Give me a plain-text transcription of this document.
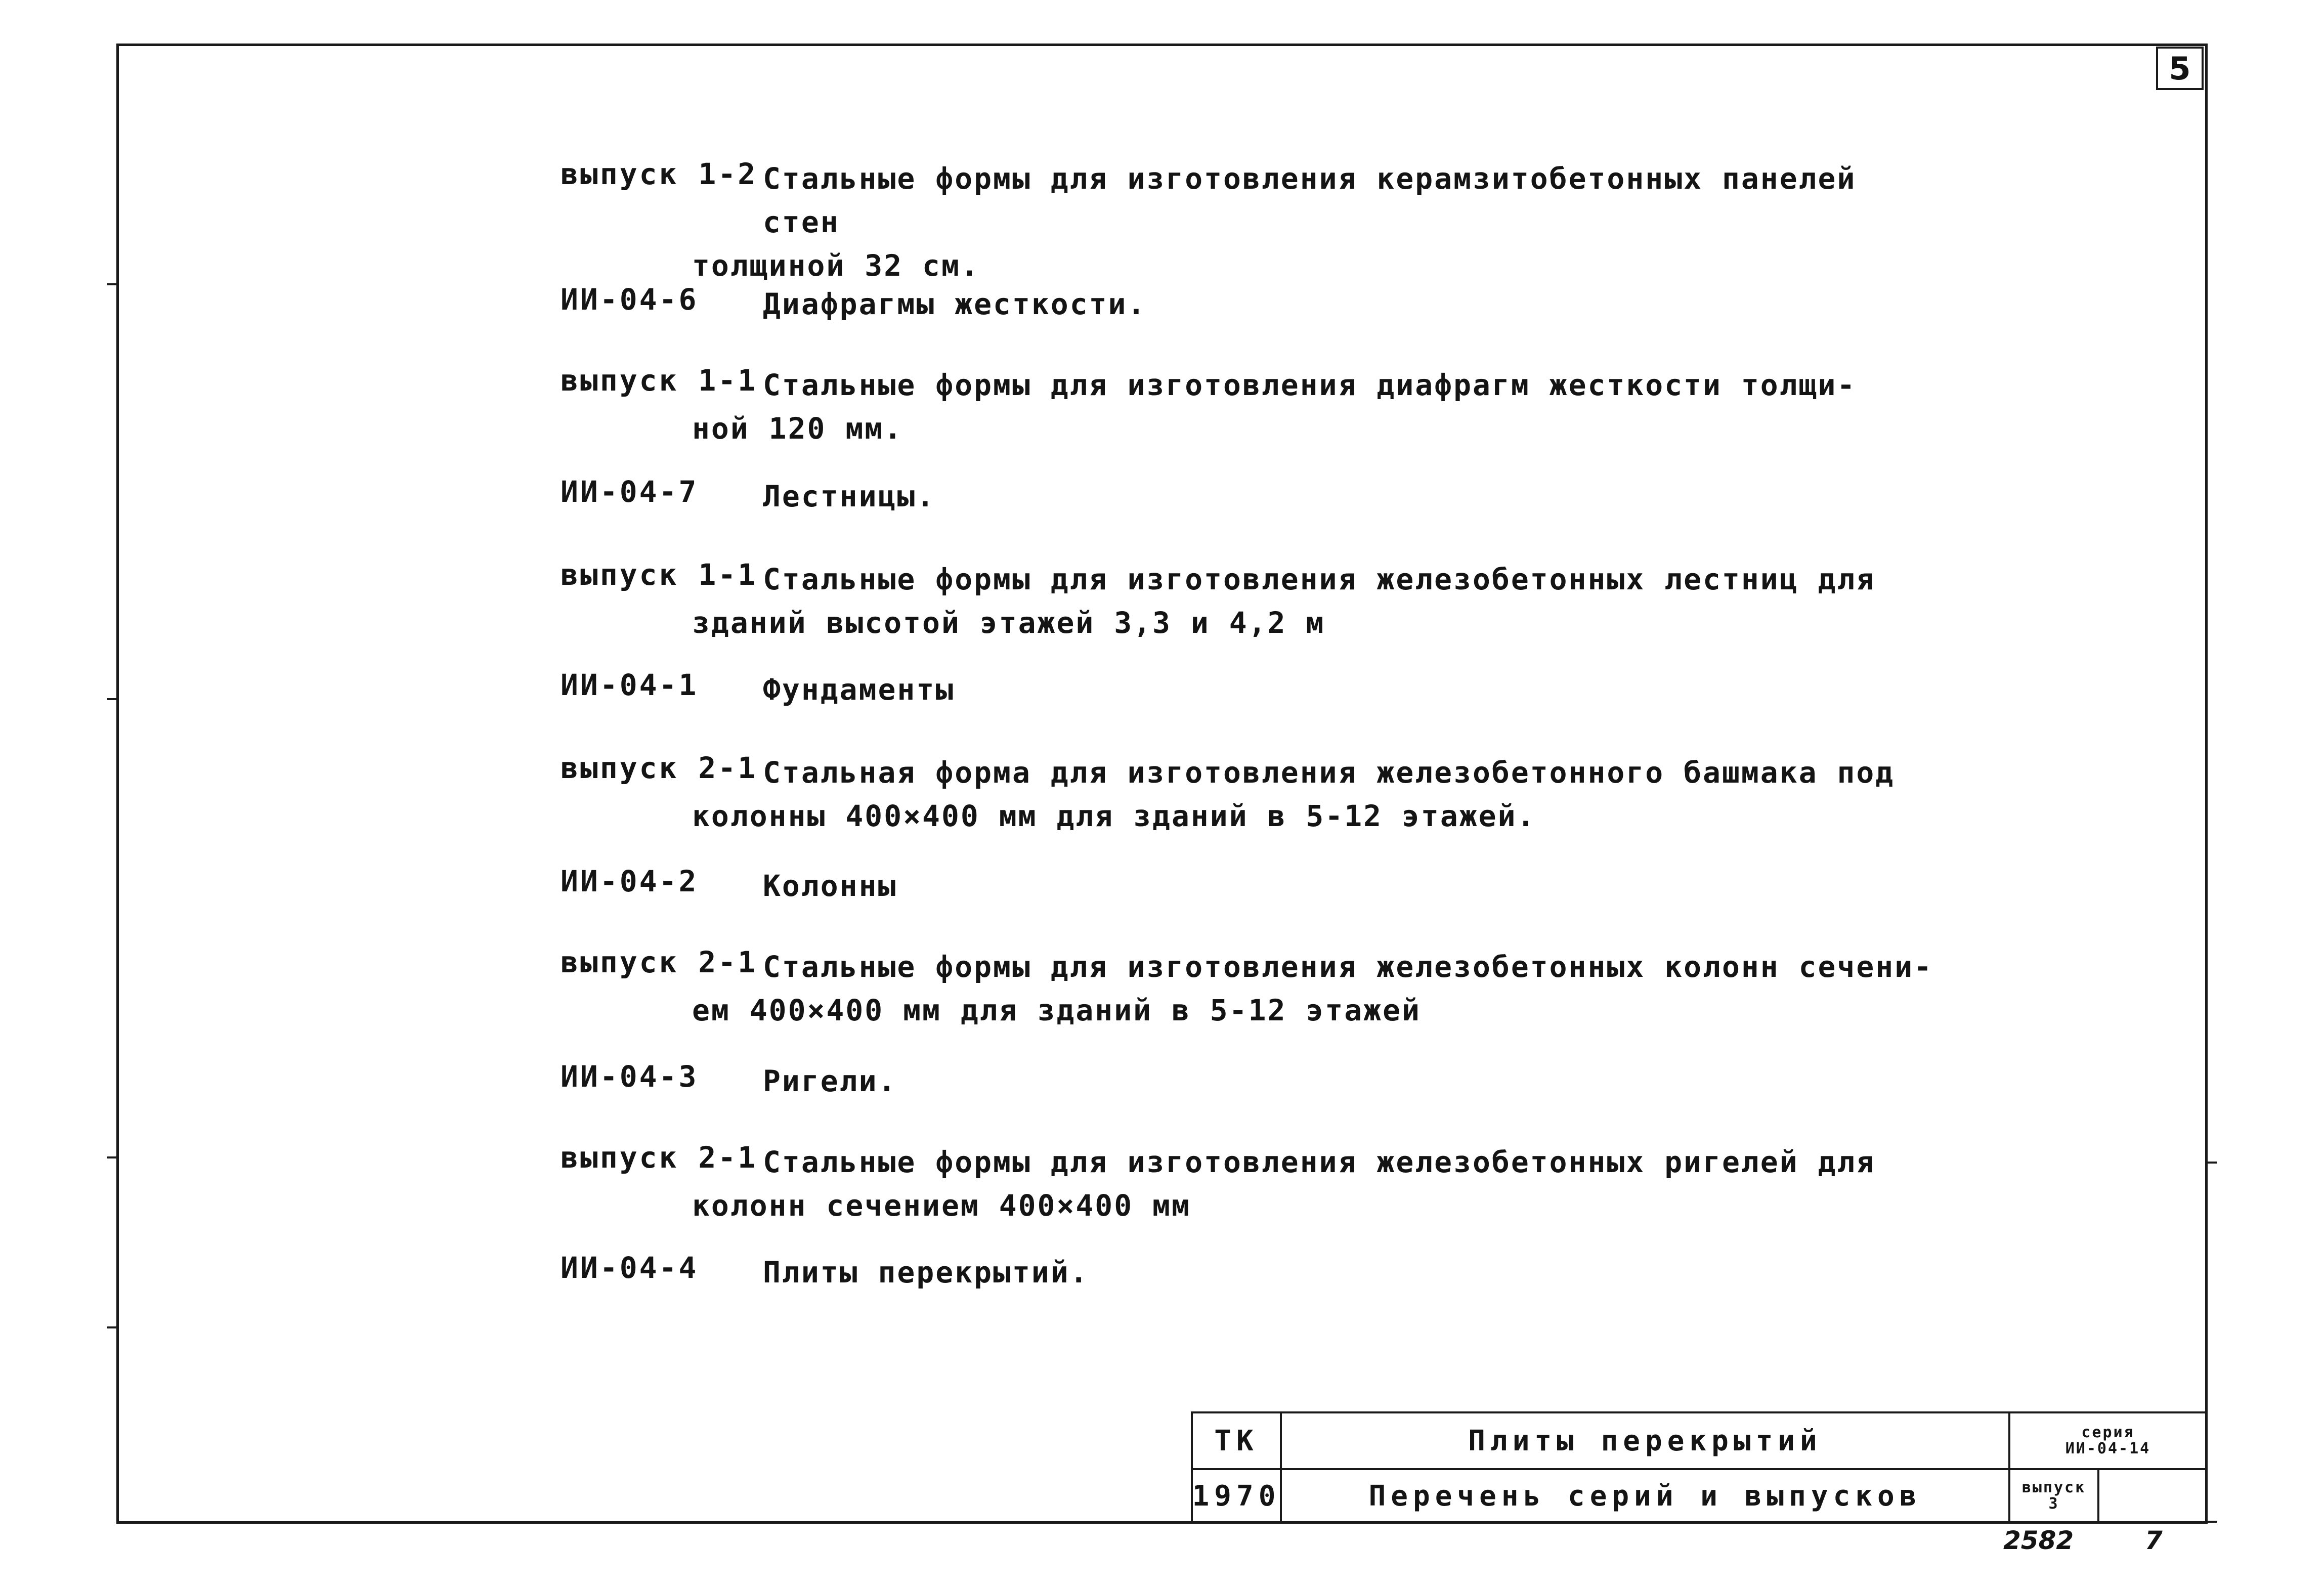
5
выпуск 1-2 Стальные формы для изготовления керамзитобетонных панелей стен
толщиной 32 см.
ИИ-04-6	Диафрагмы жесткости.
выпуск 1-1 Стальные формы для изготовления диафрагм жесткости толщи-
ной 120 мм.
ИИ-04-7	Лестницы.
выпуск 1-1 Стальные формы для изготовления железобетонных лестниц для
зданий высотой этажей 3,3 и 4,2 м
ИИ-04-1	Фундаменты
выпуск 2-1 Стальная форма для изготовления железобетонного башмака под
колонны 400×400 мм для зданий в 5-12 этажей.
ИИ-04-2	Колонны
выпуск 2-1 Стальные формы для изготовления железобетонных колонн сечени-
ем 400×400 мм для зданий в 5-12 этажей
ИИ-04-3	Ригели.
выпуск 2-1 Стальные формы для изготовления железобетонных ригелей для
колонн сечением 400×400 мм
ИИ-04-4	Плиты перекрытий.
ТК	Плиты перекрытий	серия
ИИ-04-14
1970	Перечень серий и выпусков	выпуск
3
2582	7
